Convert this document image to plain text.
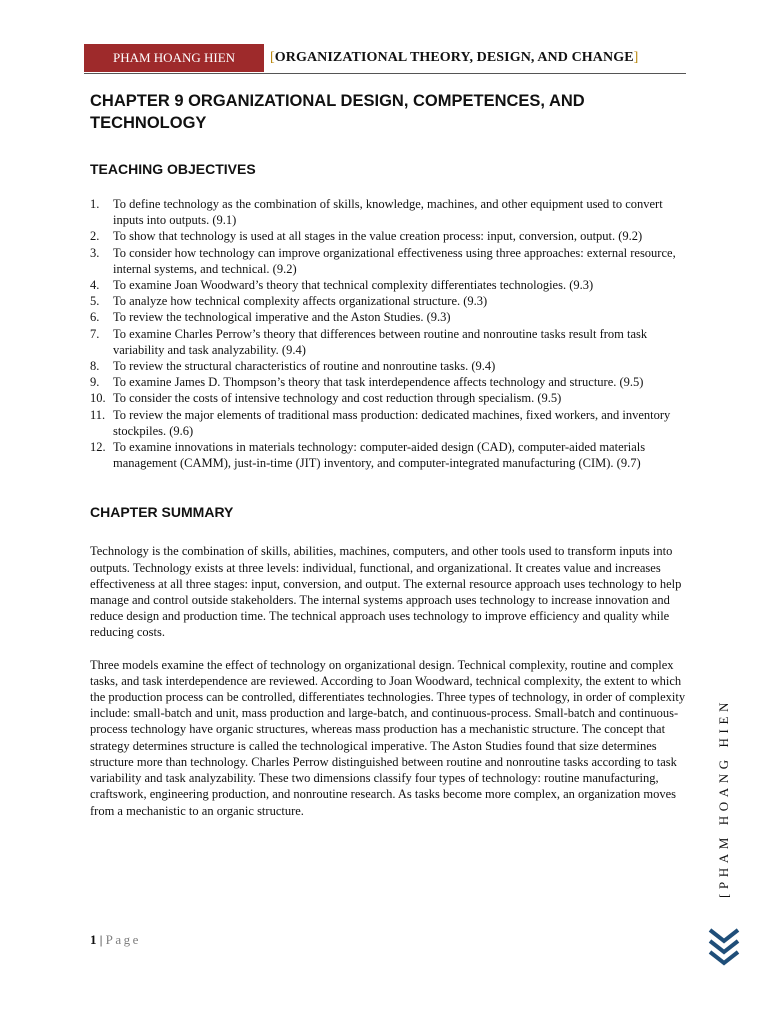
PHAM HOANG HIEN	[ORGANIZATIONAL THEORY, DESIGN, AND CHANGE]
CHAPTER 9 ORGANIZATIONAL DESIGN, COMPETENCES, AND TECHNOLOGY
TEACHING OBJECTIVES
1. To define technology as the combination of skills, knowledge, machines, and other equipment used to convert inputs into outputs. (9.1)
2. To show that technology is used at all stages in the value creation process: input, conversion, output. (9.2)
3. To consider how technology can improve organizational effectiveness using three approaches: external resource, internal systems, and technical. (9.2)
4. To examine Joan Woodward’s theory that technical complexity differentiates technologies. (9.3)
5. To analyze how technical complexity affects organizational structure. (9.3)
6. To review the technological imperative and the Aston Studies. (9.3)
7. To examine Charles Perrow’s theory that differences between routine and nonroutine tasks result from task variability and task analyzability. (9.4)
8. To review the structural characteristics of routine and nonroutine tasks. (9.4)
9. To examine James D. Thompson’s theory that task interdependence affects technology and structure. (9.5)
10. To consider the costs of intensive technology and cost reduction through specialism. (9.5)
11. To review the major elements of traditional mass production: dedicated machines, fixed workers, and inventory stockpiles. (9.6)
12. To examine innovations in materials technology: computer-aided design (CAD), computer-aided materials management (CAMM), just-in-time (JIT) inventory, and computer-integrated manufacturing (CIM). (9.7)
CHAPTER SUMMARY

Technology is the combination of skills, abilities, machines, computers, and other tools used to transform inputs into outputs. Technology exists at three levels: individual, functional, and organizational. It creates value and increases effectiveness at all three stages: input, conversion, and output. The external resource approach uses technology to help manage and control outside stakeholders. The internal systems approach uses technology to increase innovation and reduce design and production time. The technical approach uses technology to improve efficiency and quality while reducing costs.

Three models examine the effect of technology on organizational design. Technical complexity, routine and complex tasks, and task interdependence are reviewed. According to Joan Woodward, technical complexity, the extent to which the production process can be controlled, differentiates technologies. Three types of technology, in order of complexity include: small-batch and unit, mass production and large-batch, and continuous-process. Small-batch and continuous-process technology have organic structures, whereas mass production has a mechanistic structure. The concept that strategy determines structure is called the technological imperative. The Aston Studies found that size determines structure more than technology. Charles Perrow distinguished between routine and nonroutine tasks according to task variability and task analyzability. These two dimensions classify four types of technology: routine manufacturing, craftswork, engineering production, and nonroutine research. As tasks become more complex, an organization moves from a mechanistic to an organic structure.

1 | Page
[PHAM HOANG HIEN
